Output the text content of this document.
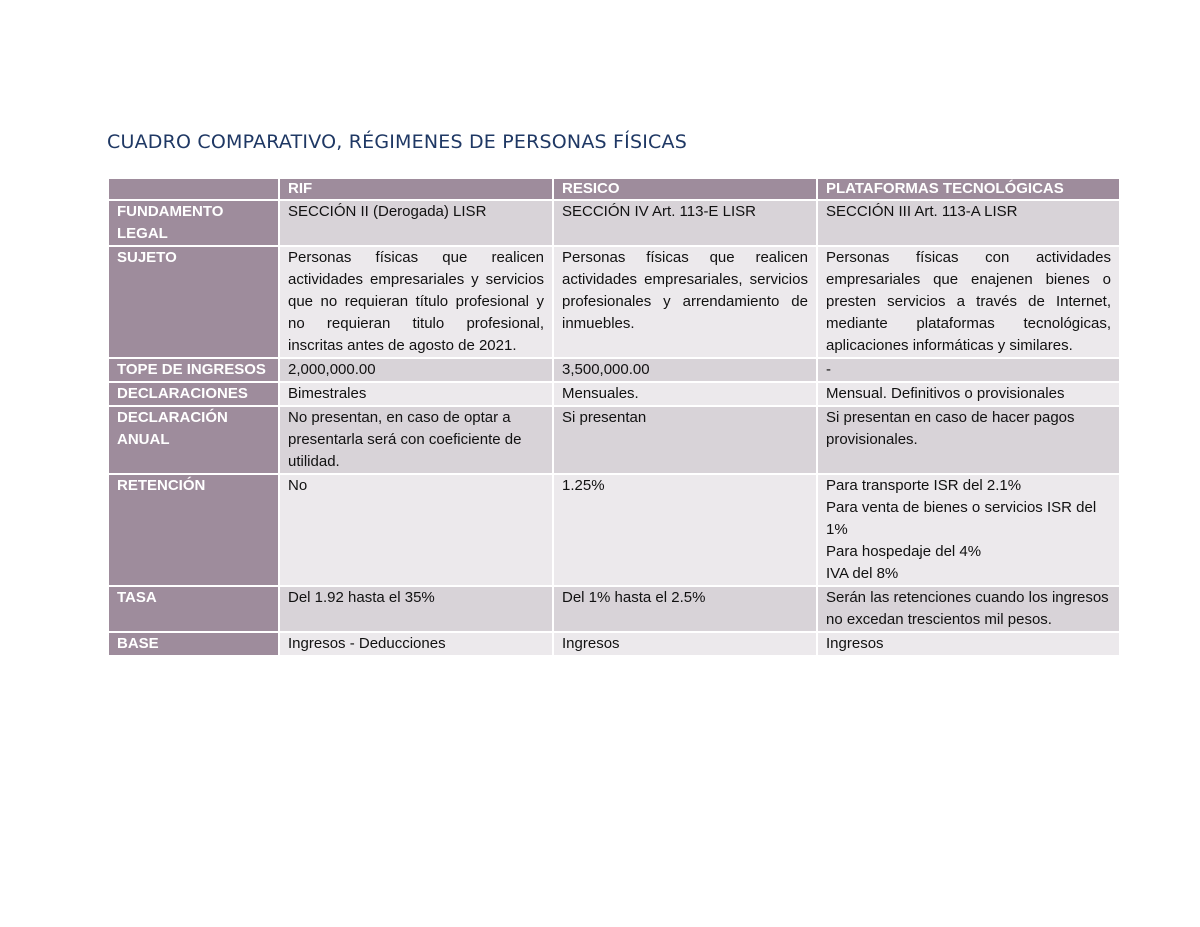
CUADRO COMPARATIVO, RÉGIMENES DE PERSONAS FÍSICAS
	RIF	RESICO	PLATAFORMAS TECNOLÓGICAS
FUNDAMENTO LEGAL	SECCIÓN II (Derogada) LISR	SECCIÓN IV Art. 113-E LISR	SECCIÓN III Art. 113-A LISR
SUJETO	Personas físicas que realicen actividades empresariales y servicios que no requieran título profesional y no requieran titulo profesional, inscritas antes de agosto de 2021.	Personas físicas que realicen actividades empresariales, servicios profesionales y arrendamiento de inmuebles.	Personas físicas con actividades empresariales que enajenen bienes o presten servicios a través de Internet, mediante plataformas tecnológicas, aplicaciones informáticas y similares.
TOPE DE INGRESOS	2,000,000.00	3,500,000.00	-
DECLARACIONES	Bimestrales	Mensuales.	Mensual. Definitivos o provisionales
DECLARACIÓN ANUAL	No presentan, en caso de optar a presentarla será con coeficiente de utilidad.	Si presentan	Si presentan en caso de hacer pagos provisionales.
RETENCIÓN	No	1.25%	Para transporte ISR del 2.1%
Para venta de bienes o servicios ISR del 1%
Para hospedaje del 4%
IVA del 8%

TASA	Del 1.92 hasta el 35%	Del 1% hasta el 2.5%	Serán las retenciones cuando los ingresos no excedan trescientos mil pesos.
BASE	Ingresos - Deducciones	Ingresos	Ingresos
